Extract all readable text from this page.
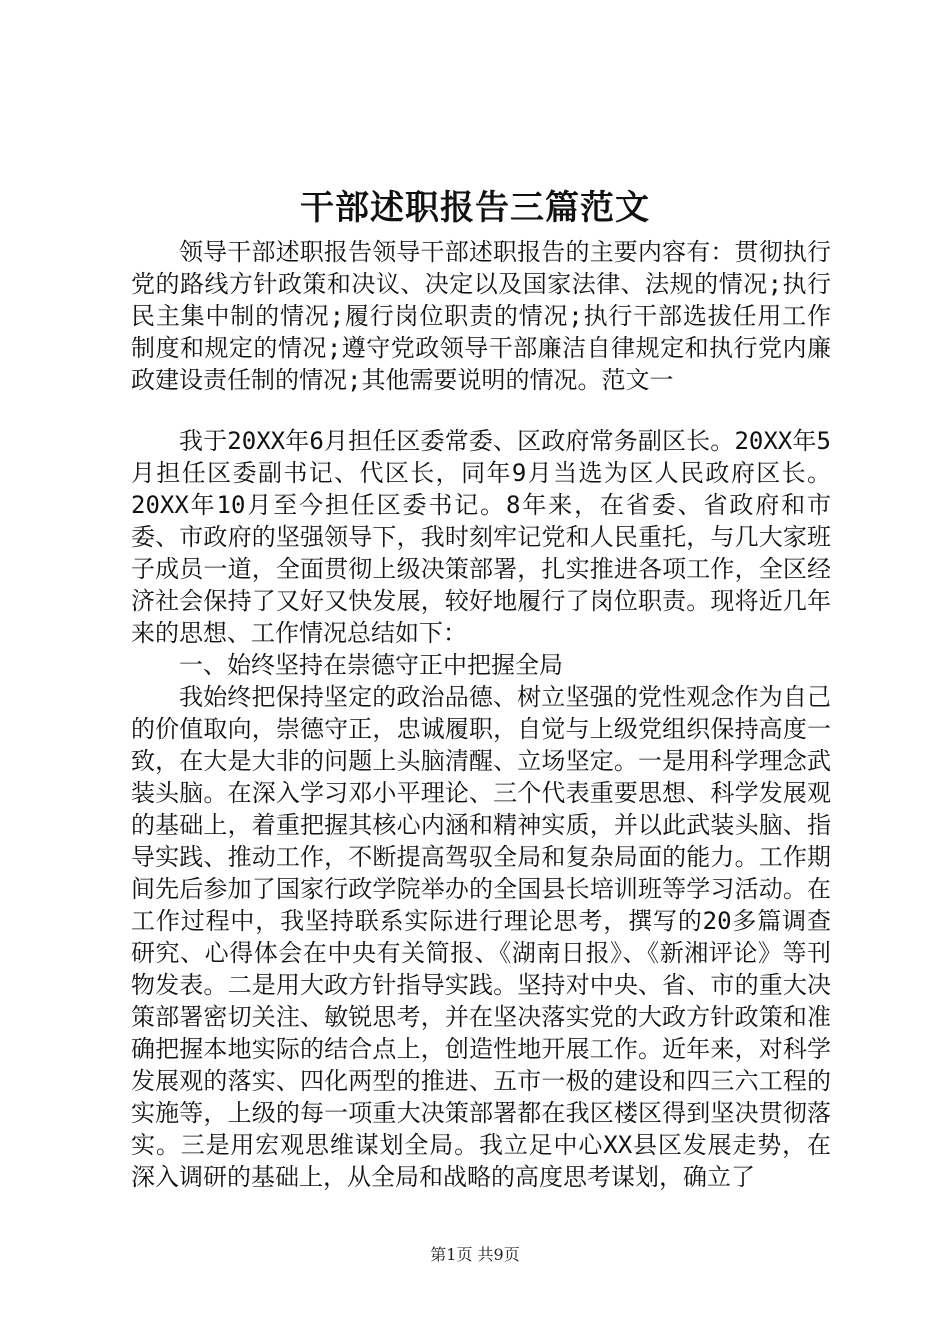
干部述职报告三篇范文

领导干部述职报告领导干部述职报告的主要内容有：贯彻执行党的路线方针政策和决议、决定以及国家法律、法规的情况;执行民主集中制的情况;履行岗位职责的情况;执行干部选拔任用工作制度和规定的情况;遵守党政领导干部廉洁自律规定和执行党内廉政建设责任制的情况;其他需要说明的情况。范文一

我于20XX年6月担任区委常委、区政府常务副区长。20XX年5月担任区委副书记、代区长，同年9月当选为区人民政府区长。20XX年10月至今担任区委书记。8年来，在省委、省政府和市委、市政府的坚强领导下，我时刻牢记党和人民重托，与几大家班子成员一道，全面贯彻上级决策部署，扎实推进各项工作，全区经济社会保持了又好又快发展，较好地履行了岗位职责。现将近几年来的思想、工作情况总结如下：

一、始终坚持在崇德守正中把握全局

我始终把保持坚定的政治品德、树立坚强的党性观念作为自己的价值取向，崇德守正，忠诚履职，自觉与上级党组织保持高度一致，在大是大非的问题上头脑清醒、立场坚定。一是用科学理念武装头脑。在深入学习邓小平理论、三个代表重要思想、科学发展观的基础上，着重把握其核心内涵和精神实质，并以此武装头脑、指导实践、推动工作，不断提高驾驭全局和复杂局面的能力。工作期间先后参加了国家行政学院举办的全国县长培训班等学习活动。在工作过程中，我坚持联系实际进行理论思考，撰写的20多篇调查研究、心得体会在中央有关简报、《湖南日报》、《新湘评论》等刊物发表。二是用大政方针指导实践。坚持对中央、省、市的重大决策部署密切关注、敏锐思考，并在坚决落实党的大政方针政策和准确把握本地实际的结合点上，创造性地开展工作。近年来，对科学发展观的落实、四化两型的推进、五市一极的建设和四三六工程的实施等，上级的每一项重大决策部署都在我区楼区得到坚决贯彻落实。三是用宏观思维谋划全局。我立足中心XX县区发展走势，在深入调研的基础上，从全局和战略的高度思考谋划，确立了

第1页 共9页
